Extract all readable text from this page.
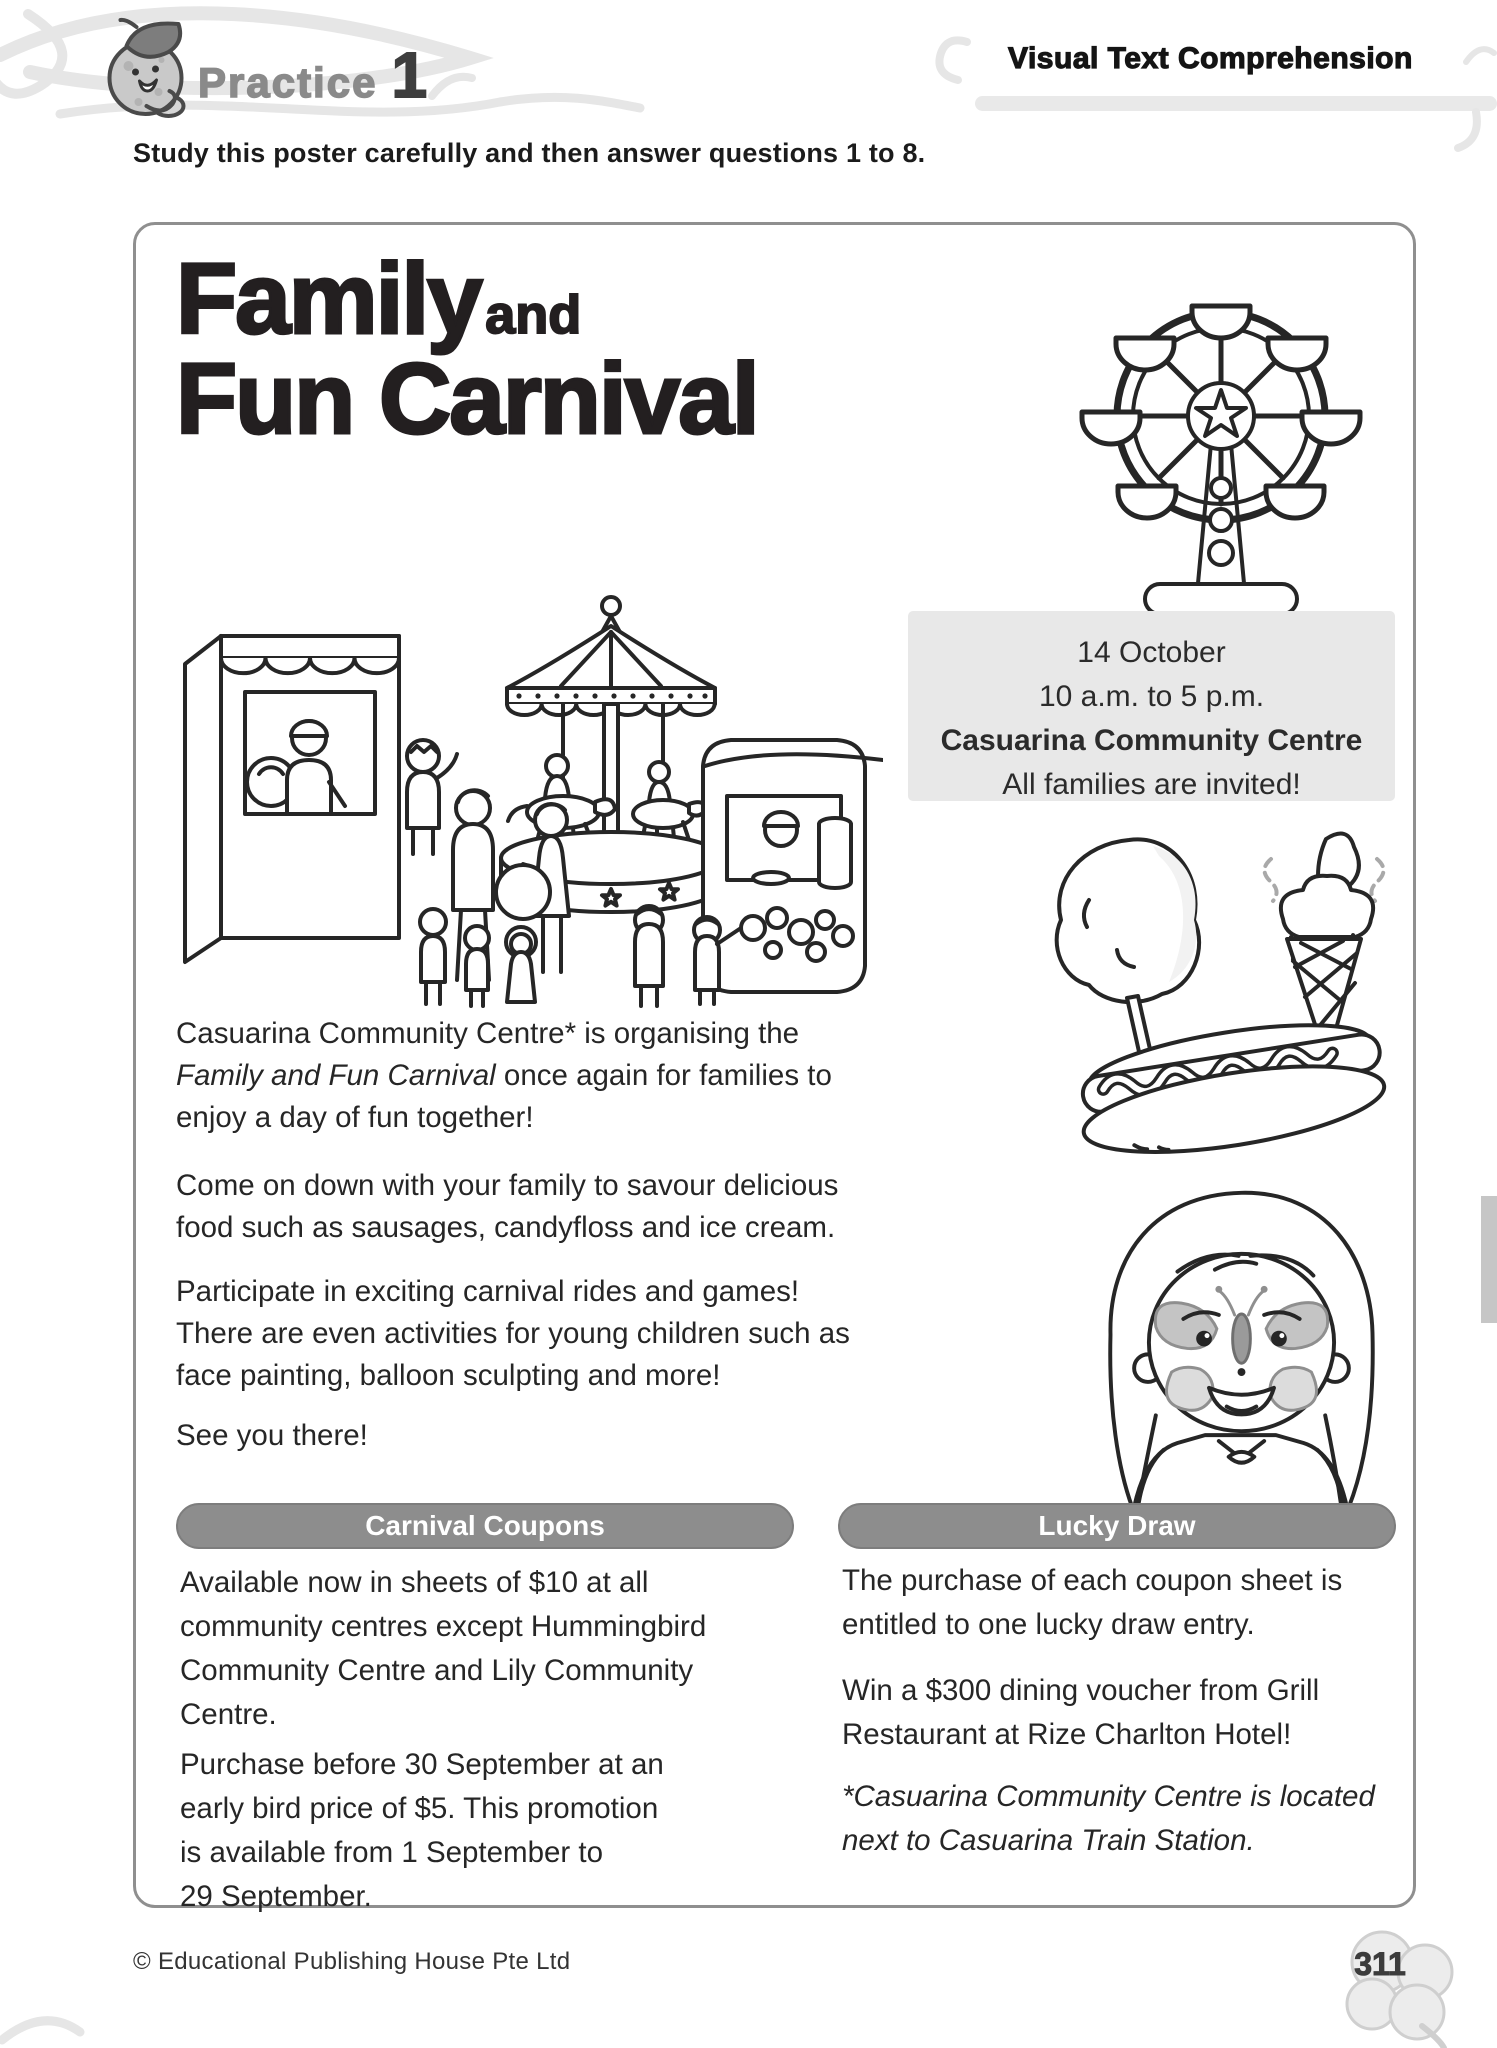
Practice 1	Visual Text Comprehension
Study this poster carefully and then answer questions 1 to 8.
Family and
Fun Carnival
14 October
10 a.m. to 5 p.m.
Casuarina Community Centre
All families are invited!
Casuarina Community Centre* is organising the
Family and Fun Carnival once again for families to
enjoy a day of fun together!
Come on down with your family to savour delicious
food such as sausages, candyfloss and ice cream.
Participate in exciting carnival rides and games!
There are even activities for young children such as
face painting, balloon sculpting and more!
See you there!
Carnival Coupons
Available now in sheets of $10 at all
community centres except Hummingbird
Community Centre and Lily Community
Centre.
Purchase before 30 September at an
early bird price of $5. This promotion
is available from 1 September to
29 September.
Lucky Draw
The purchase of each coupon sheet is
entitled to one lucky draw entry.
Win a $300 dining voucher from Grill
Restaurant at Rize Charlton Hotel!
*Casuarina Community Centre is located
next to Casuarina Train Station.
© Educational Publishing House Pte Ltd	311
